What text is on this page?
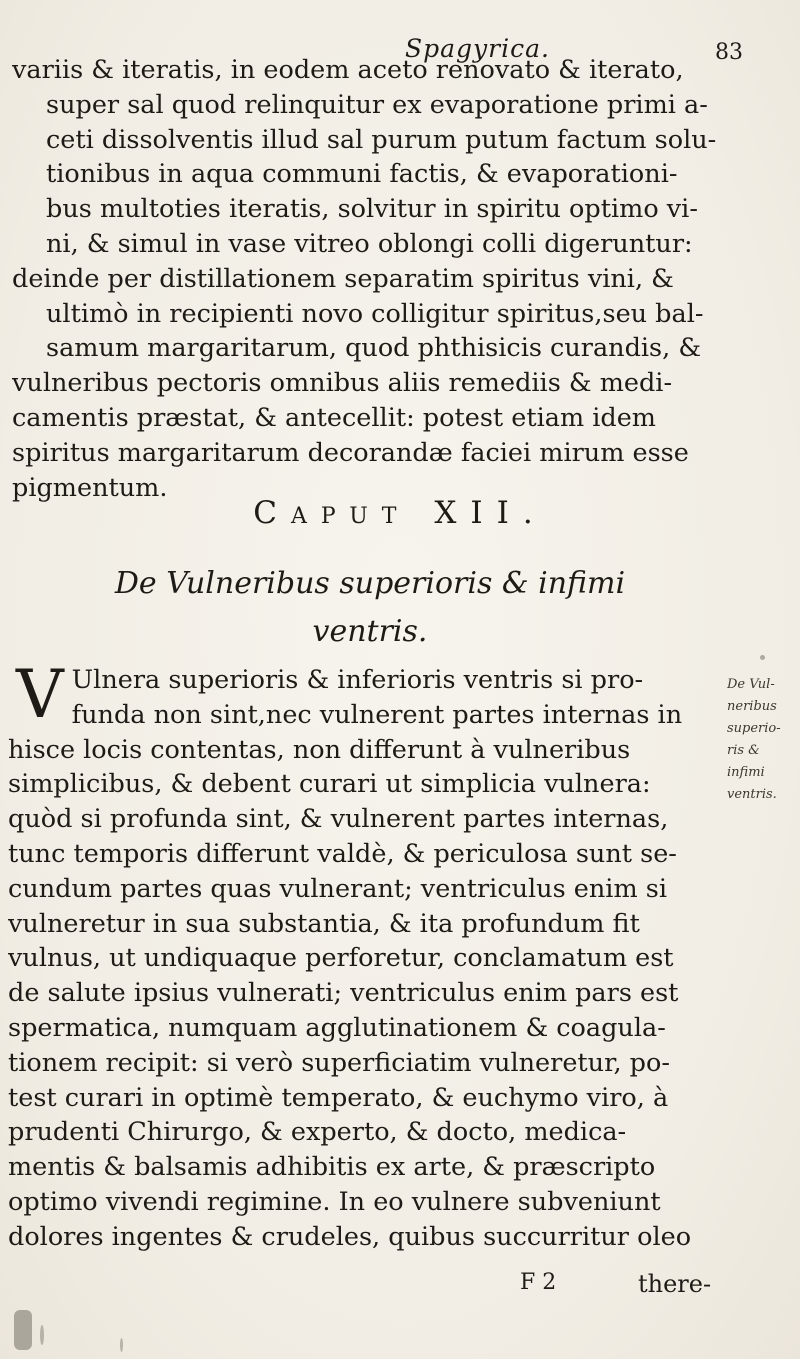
Spagyrica.	83
variis & iteratis, in eodem aceto renovato & iterato,
super sal quod relinquitur ex evaporatione primi a-
ceti dissolventis illud sal purum putum factum solu-
tionibus in aqua communi factis, & evaporationi-
bus multoties iteratis, solvitur in spiritu optimo vi-
ni, & simul in vase vitreo oblongi colli digeruntur:
deinde per distillationem separatim spiritus vini, &
ultimò in recipienti novo colligitur spiritus,seu bal-
samum margaritarum, quod phthisicis curandis, &
vulneribus pectoris omnibus aliis remediis & medi-
camentis præstat, & antecellit: potest etiam idem
spiritus margaritarum decorandæ faciei mirum esse
pigmentum.
Caput XII.
De Vulneribus superioris & infimi
ventris.
V Ulnera superioris & inferioris ventris si pro-
funda non sint,nec vulnerent partes internas in
hisce locis contentas, non differunt à vulneribus
simplicibus, & debent curari ut simplicia vulnera:
quòd si profunda sint, & vulnerent partes internas,
tunc temporis differunt valdè, & periculosa sunt se-
cundum partes quas vulnerant; ventriculus enim si
vulneretur in sua substantia, & ita profundum fit
vulnus, ut undiquaque perforetur, conclamatum est
de salute ipsius vulnerati; ventriculus enim pars est
spermatica, numquam agglutinationem & coagula-
tionem recipit: si verò superficiatim vulneretur, po-
test curari in optimè temperato, & euchymo viro, à
prudenti Chirurgo, & experto, & docto, medica-
mentis & balsamis adhibitis ex arte, & præscripto
optimo vivendi regimine. In eo vulnere subveniunt
dolores ingentes & crudeles, quibus succurritur oleo
De Vul-
neribus
superio-
ris &
infimi
ventris.
F 2	there-
